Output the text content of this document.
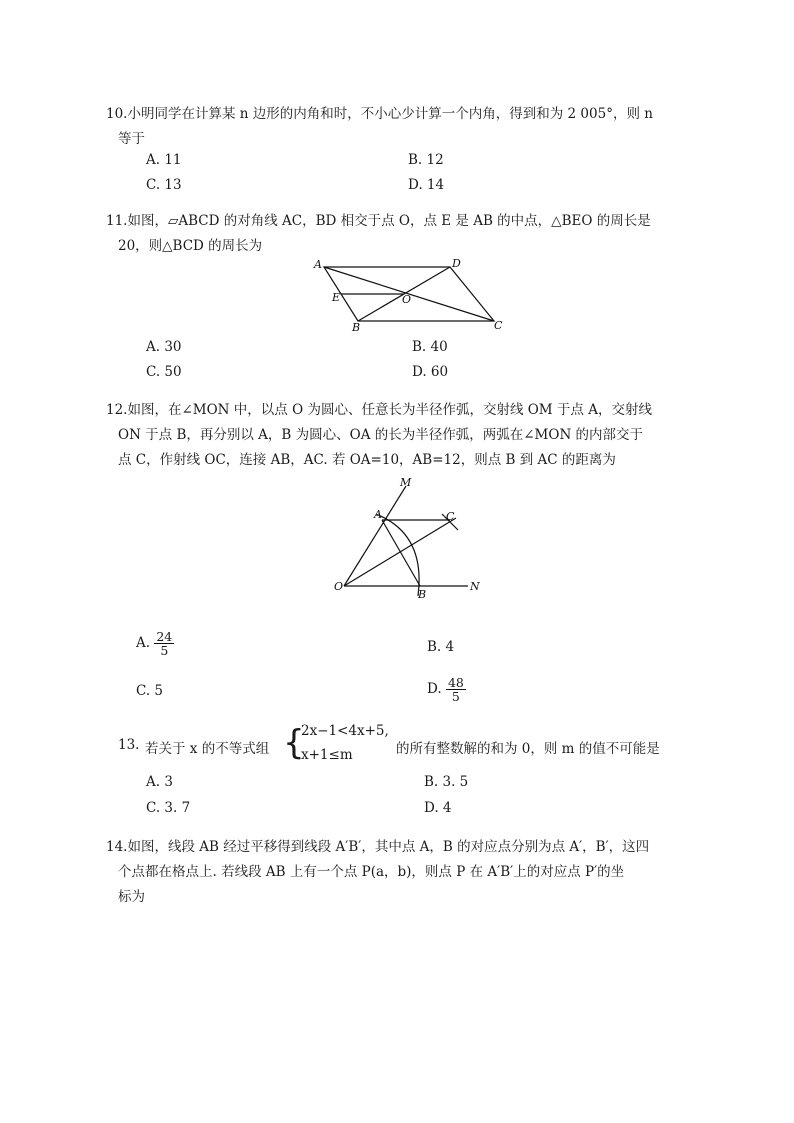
10.小明同学在计算某 n 边形的内角和时，不小心少计算一个内角，得到和为 2 005°，则 n
等于
A. 11	B. 12
C. 13	D. 14
11.如图，▱ABCD 的对角线 AC，BD 相交于点 O，点 E 是 AB 的中点，△BEO 的周长是
20，则△BCD 的周长为
A	D
E	O
B	C
A. 30	B. 40
C. 50	D. 60
12.如图，在∠MON 中，以点 O 为圆心、任意长为半径作弧，交射线 OM 于点 A，交射线
ON 于点 B，再分别以 A，B 为圆心、OA 的长为半径作弧，两弧在∠MON 的内部交于
点 C，作射线 OC，连接 AB，AC. 若 OA=10，AB=12，则点 B 到 AC 的距离为
M
A	C
O
B
N
A. $\frac{24}{5}$	B. 4
C. 5	D. $\frac{48}{5}$
13. 若关于 x 的不等式组 {
2x−1<4x+5,
x+1≤m	的所有整数解的和为 0，则 m 的值不可能是
A. 3	B. 3. 5
C. 3. 7	D. 4
14.如图，线段 AB 经过平移得到线段 A′B′，其中点 A，B 的对应点分别为点 A′，B′，这四
个点都在格点上. 若线段 AB 上有一个点 P(a，b)，则点 P 在 A′B′上的对应点 P′的坐
标为
